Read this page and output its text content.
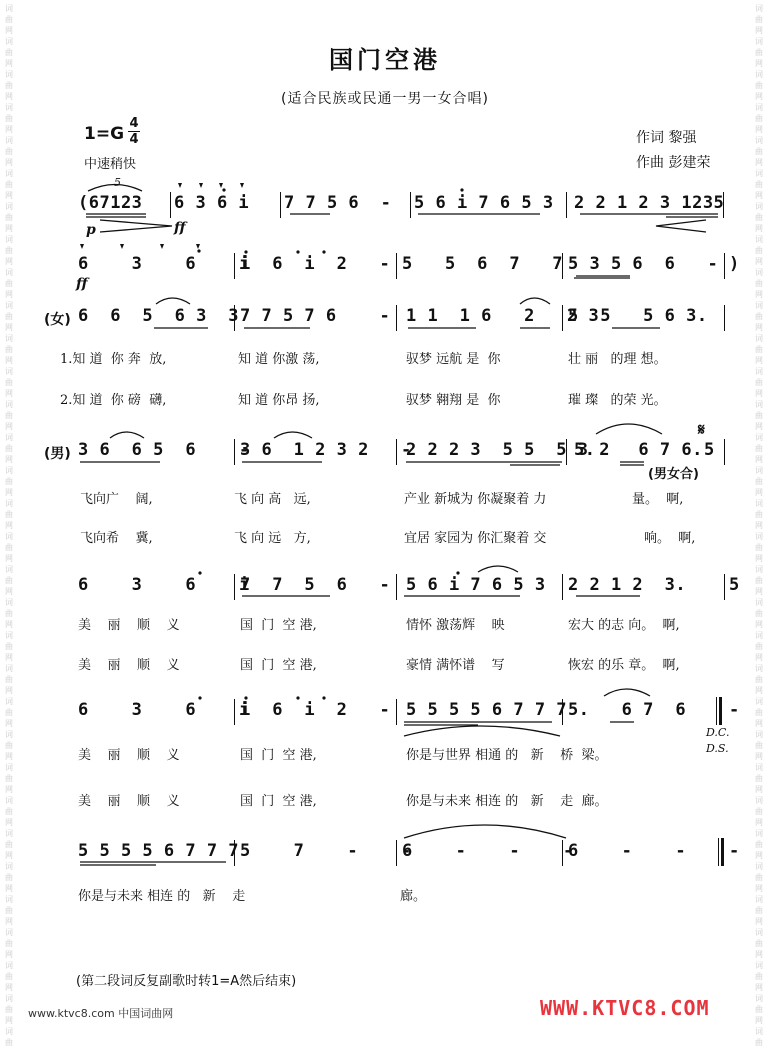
词
曲
网
词
曲
网
词
曲
网
词
曲
网
词
曲
网
词
曲
网
词
曲
网
词
曲
网
词
曲
网
词
曲
网
词
曲
网
词
曲
网
词
曲
网
词
曲
网
词
曲
网
词
曲
网
词
曲
网
词
曲
网
词
曲
网
词
曲
网
词
曲
网
词
曲
网
词
曲
网
词
曲
网
词
曲
网
词
曲
网
词
曲
网
词
曲
网
词
曲
网
词
曲
网
词
曲
网
词
曲
词
曲
网
词
曲
网
词
曲
网
词
曲
网
词
曲
网
词
曲
网
词
曲
网
词
曲
网
词
曲
网
词
曲
网
词
曲
网
词
曲
网
词
曲
网
词
曲
网
词
曲
网
词
曲
网
词
曲
网
词
曲
网
词
曲
网
词
曲
网
词
曲
网
词
曲
网
词
曲
网
词
曲
网
词
曲
网
词
曲
网
词
曲
网
词
曲
网
词
曲
网
词
曲
网
词
曲
网
词
曲
国门空港
(适合民族或民通一男一女合唱)
1=G
4
4
中速稍快
作词 黎强
作曲 彭建荣
(67123 6 3 6 i 7 7 5 6  - 5 6 i 7 6 5 3 2 2 1 2 3 1235
5
p	ff
6    3    6    i
i  6  i  2   - 5   5  6  7   7 5 3 5 6  6   - )
ff
(女) 6  6  5  6 3  3 7 7 5 7 6    - 1 1  1 6   2   2 3
5  5   5 6 3.
1.知 道  你 奔  放,	知 道 你激 荡,	驭梦 远航 是  你	壮 丽   的理 想。
2.知 道  你 磅  礴,	知 道 你昂 扬,	驭梦 翱翔 是  你	璀 璨   的荣 光。
(男) 3 6  6 5  6    -
3 6  1 2 3 2   -
2 2 2 3  5 5  5 3 2
5.    6 7 6. 5
𝄋
(男女合)
飞向广    阔,	飞 向 高   远,	产业 新城为 你凝聚着 力	量。  啊,
飞向希    冀,	飞 向 远   方,	宜居 家园为 你汇聚着 交	响。  啊,
6    3    6    i
7  7  5  6   - 5 6 i 7 6 5 3 2 2 1 2  3.    5
美    丽    顺    义	国  门  空 港,	情怀 激荡辉    映	宏大 的志 向。  啊,
美    丽    顺    义	国  门  空 港,	豪情 满怀谱    写	恢宏 的乐 章。  啊,
6    3    6    i
i  6  i  2   - 5 5 5 5 6 7 7 7 5.   6 7  6    -
D.C.
D.S.
美    丽    顺    义	国  门  空 港,	你是与世界 相通 的   新    桥  梁。
美    丽    顺    义	国  门  空 港,	你是与未来 相连 的   新    走  廊。
5 5 5 5 6 7 7 7 5    7    -    -
6    -    -    -
6    -    -    -
你是与未来 相连 的   新    走	廊。
(第二段词反复副歌时转1=A然后结束)
www.ktvc8.com 中国词曲网	WWW.KTVC8.COM
